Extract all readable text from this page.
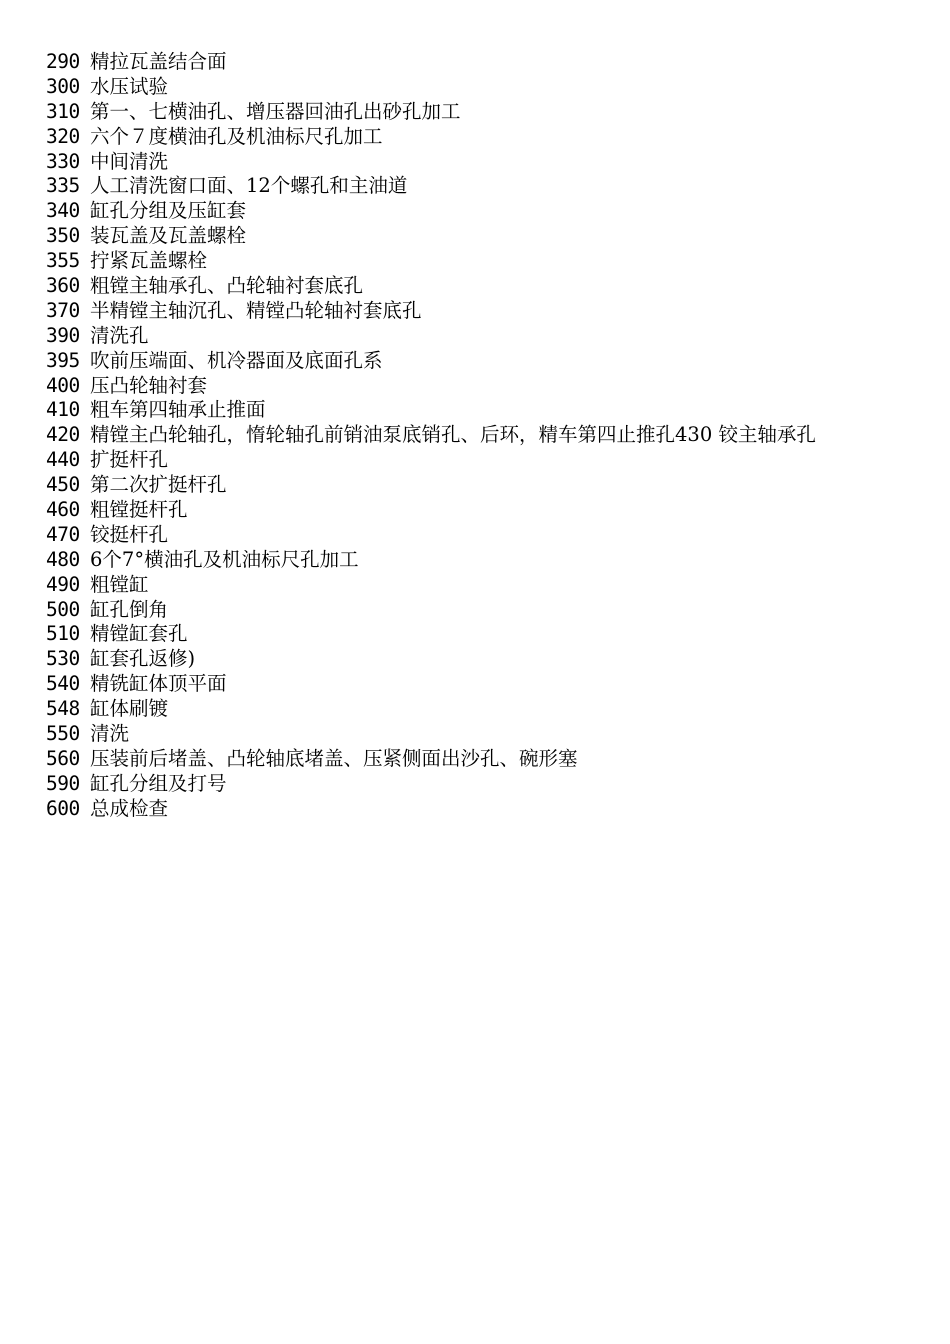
290 精拉瓦盖结合面
300 水压试验
310 第一、七横油孔、增压器回油孔出砂孔加工
320 六个７度横油孔及机油标尺孔加工
330 中间清洗
335 人工清洗窗口面、12个螺孔和主油道
340 缸孔分组及压缸套
350 装瓦盖及瓦盖螺栓
355 拧紧瓦盖螺栓
360 粗镗主轴承孔、凸轮轴衬套底孔
370 半精镗主轴沉孔、精镗凸轮轴衬套底孔
390 清洗孔
395 吹前压端面、机冷器面及底面孔系
400 压凸轮轴衬套
410 粗车第四轴承止推面
420 精镗主凸轮轴孔，惰轮轴孔前销油泵底销孔、后环，精车第四止推孔430 铰主轴承孔
440 扩挺杆孔
450 第二次扩挺杆孔
460 粗镗挺杆孔
470 铰挺杆孔
480 6个7°横油孔及机油标尺孔加工
490 粗镗缸
500 缸孔倒角
510 精镗缸套孔
530 缸套孔返修)
540 精铣缸体顶平面
548 缸体刷镀
550 清洗
560 压装前后堵盖、凸轮轴底堵盖、压紧侧面出沙孔、碗形塞
590 缸孔分组及打号
600 总成检查
